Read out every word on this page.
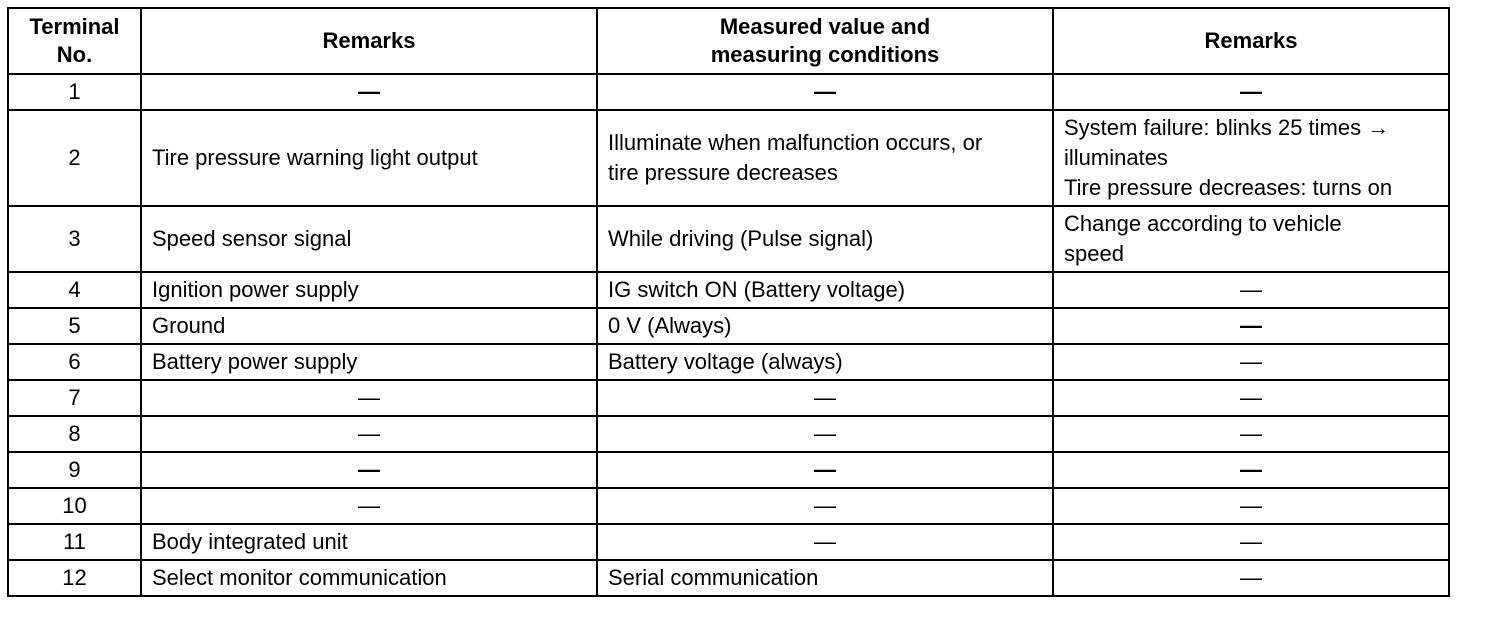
Terminal
No.	Remarks	Measured value and
measuring conditions	Remarks
1	—	—	—
2	Tire pressure warning light output	Illuminate when malfunction occurs, or
tire pressure decreases	System failure: blinks 25 times →
illuminates
Tire pressure decreases: turns on

3	Speed sensor signal	While driving (Pulse signal)	Change according to vehicle
speed

4	Ignition power supply	IG switch ON (Battery voltage)	—
5	Ground	0 V (Always)	—
6	Battery power supply	Battery voltage (always)	—
7	—	—	—
8	—	—	—
9	—	—	—
10	—	—	—
11	Body integrated unit	—	—
12	Select monitor communication	Serial communication	—
